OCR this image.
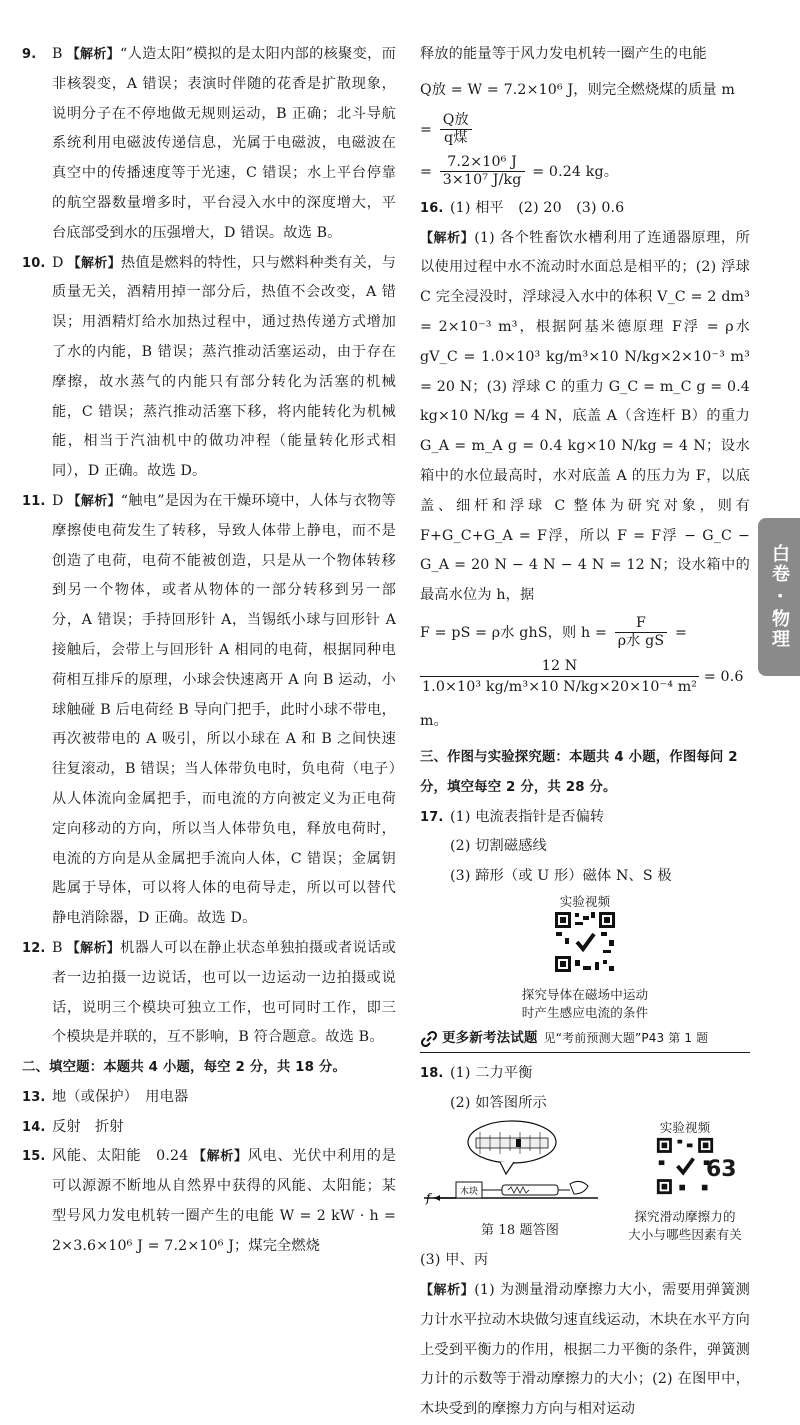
9.	B 【解析】“人造太阳”模拟的是太阳内部的核聚变，而非核裂变，A 错误；表演时伴随的花香是扩散现象，说明分子在不停地做无规则运动，B 正确；北斗导航系统利用电磁波传递信息，光属于电磁波，电磁波在真空中的传播速度等于光速，C 错误；水上平台停靠的航空器数量增多时，平台浸入水中的深度增大，平台底部受到水的压强增大，D 错误。故选 B。
10. D 【解析】热值是燃料的特性，只与燃料种类有关，与质量无关，酒精用掉一部分后，热值不会改变，A 错误；用酒精灯给水加热过程中，通过热传递方式增加了水的内能，B 错误；蒸汽推动活塞运动，由于存在摩擦，故水蒸气的内能只有部分转化为活塞的机械能，C 错误；蒸汽推动活塞下移，将内能转化为机械能，相当于汽油机中的做功冲程（能量转化形式相同），D 正确。故选 D。
11. D 【解析】“触电”是因为在干燥环境中，人体与衣物等摩擦使电荷发生了转移，导致人体带上静电，而不是创造了电荷，电荷不能被创造，只是从一个物体转移到另一个物体，或者从物体的一部分转移到另一部分，A 错误；手持回形针 A，当锡纸小球与回形针 A 接触后，会带上与回形针 A 相同的电荷，根据同种电荷相互排斥的原理，小球会快速离开 A 向 B 运动，小球触碰 B 后电荷经 B 导向门把手，此时小球不带电，再次被带电的 A 吸引，所以小球在 A 和 B 之间快速往复滚动，B 错误；当人体带负电时，负电荷（电子）从人体流向金属把手，而电流的方向被定义为正电荷定向移动的方向，所以当人体带负电，释放电荷时，电流的方向是从金属把手流向人体，C 错误；金属钥匙属于导体，可以将人体的电荷导走，所以可以替代静电消除器，D 正确。故选 D。
12. B 【解析】机器人可以在静止状态单独拍摄或者说话或者一边拍摄一边说话，也可以一边运动一边拍摄或说话，说明三个模块可独立工作，也可同时工作，即三个模块是并联的，互不影响，B 符合题意。故选 B。
二、填空题：本题共 4 小题，每空 2 分，共 18 分。
13. 地（或保护）　用电器
14. 反射　折射
15. 风能、太阳能　0.24 【解析】风电、光伏中利用的是可以源源不断地从自然界中获得的风能、太阳能；某型号风力发电机转一圈产生的电能 W = 2 kW · h = 2×3.6×10⁶ J = 7.2×10⁶ J；煤完全燃烧
释放的能量等于风力发电机转一圈产生的电能
Q放 = W = 7.2×10⁶ J，则完全燃烧煤的质量 $m = \frac{\text{Q放}}{\text{q煤}}$
= $\frac{\text{7.2×10⁶ J}}{\text{3×10⁷ J/kg}} = 0.24$ kg。
16. (1) 相平　(2) 20　(3) 0.6
【解析】(1) 各个牲畜饮水槽利用了连通器原理，所以使用过程中水不流动时水面总是相平的；(2) 浮球 C 完全浸没时，浮球浸入水中的体积 V_C = 2 dm³ = 2×10⁻³ m³，根据阿基米德原理 F浮 = ρ水 gV_C = 1.0×10³ kg/m³×10 N/kg×2×10⁻³ m³ = 20 N；(3) 浮球 C 的重力 G_C = m_C g = 0.4 kg×10 N/kg = 4 N，底盖 A（含连杆 B）的重力 G_A = m_A g = 0.4 kg×10 N/kg = 4 N；设水箱中的水位最高时，水对底盖 A 的压力为 F，以底盖、细杆和浮球 C 整体为研究对象，则有 F+G_C+G_A = F浮，所以 F = F浮 − G_C − G_A = 20 N − 4 N − 4 N = 12 N；设水箱中的最高水位为 h，据
F = pS = ρ水 ghS，则 $h = \frac{F}{\text{ρ水 gS}}$ =
$\frac{12 N}{\text{1.0×10³ kg/m³×10 N/kg×20×10⁻⁴ m²}} = 0.6$ m。
三、作图与实验探究题：本题共 4 小题，作图每问 2 分，填空每空 2 分，共 28 分。
17. (1) 电流表指针是否偏转
(2) 切割磁感线
(3) 蹄形（或 U 形）磁体 N、S 极
实验视频
探究导体在磁场中运动
时产生感应电流的条件
更多新考法试题 见“考前预测大题”P43 第 1 题
18. (1) 二力平衡
(2) 如答图所示
木块
f
第 18 题答图
实验视频
探究滑动摩擦力的
大小与哪些因素有关
(3) 甲、丙
【解析】(1) 为测量滑动摩擦力大小，需要用弹簧测力计水平拉动木块做匀速直线运动，木块在水平方向上受到平衡力的作用，根据二力平衡的条件，弹簧测力计的示数等于滑动摩擦力的大小；(2) 在图甲中，木块受到的摩擦力方向与相对运动
白卷 · 物理
63
